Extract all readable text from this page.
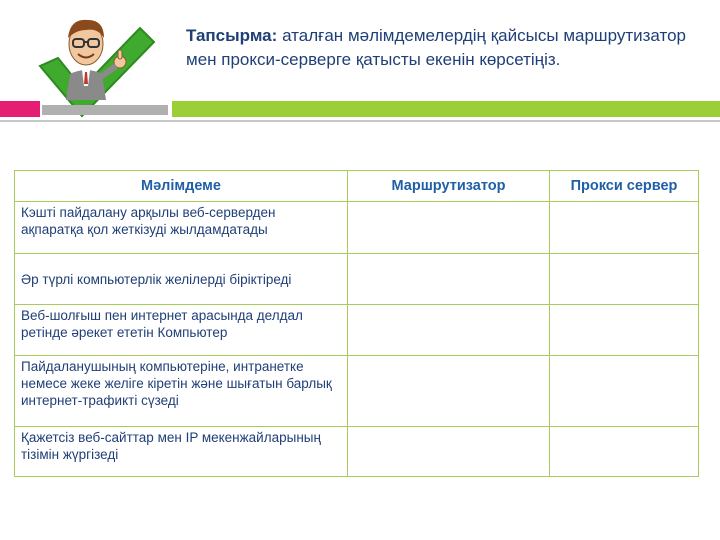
Тапсырма: аталған мәлімдемелердің қайсысы маршрутизатор мен прокси-серверге қатысты екенін көрсетіңіз.
Мәлімдеме	Маршрутизатор	Прокси сервер
Кэшті пайдалану арқылы веб-серверден ақпаратқа қол жеткізуді жылдамдатады		
Әр түрлі компьютерлік желілерді біріктіреді		
Веб-шолғыш пен интернет арасында делдал ретінде әрекет ететін Компьютер		
Пайдаланушының компьютеріне, интранетке немесе жеке желіге кіретін және шығатын барлық интернет-трафикті сүзеді		
Қажетсіз веб-сайттар мен IP мекенжайларының тізімін жүргізеді		
